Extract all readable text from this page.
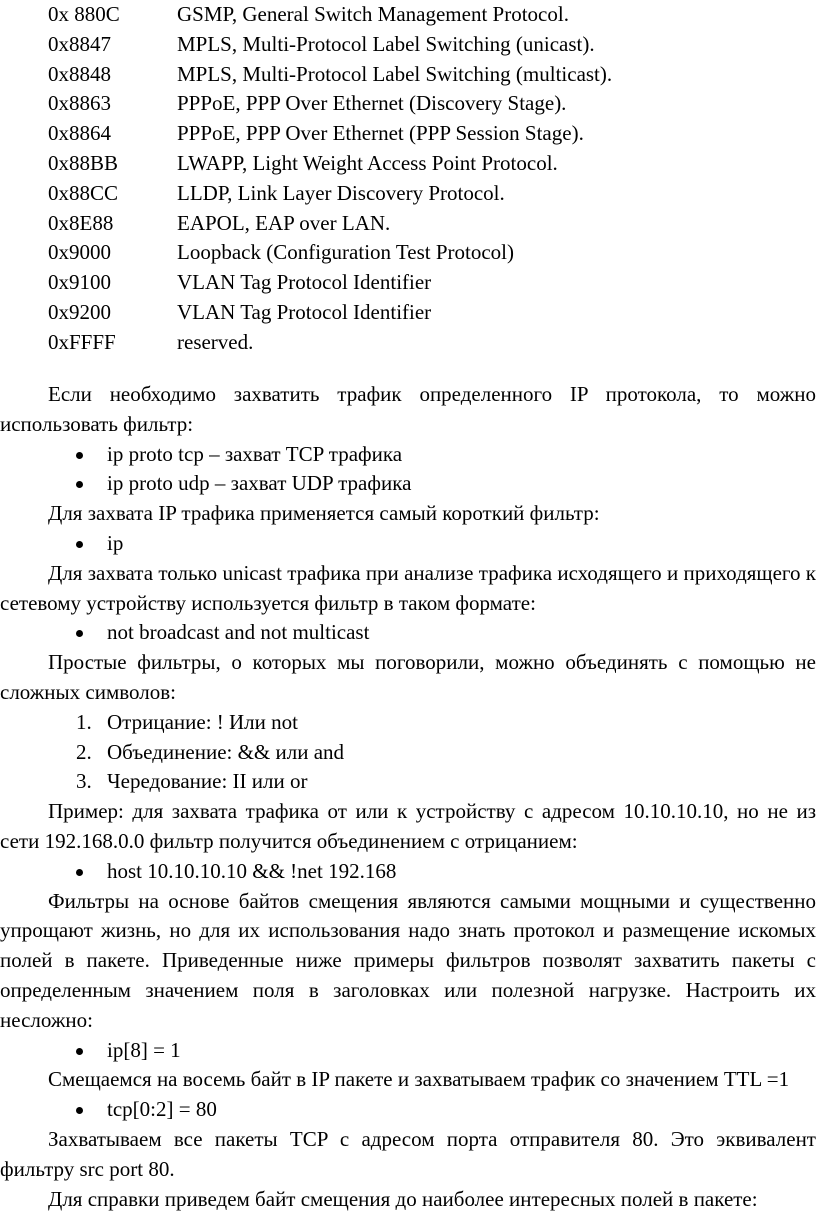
0x 880C	GSMP, General Switch Management Protocol.
0x8847	MPLS, Multi-Protocol Label Switching (unicast).
0x8848	MPLS, Multi-Protocol Label Switching (multicast).
0x8863	PPPoE, PPP Over Ethernet (Discovery Stage).
0x8864	PPPoE, PPP Over Ethernet (PPP Session Stage).
0x88BB	LWAPP, Light Weight Access Point Protocol.
0x88CC	LLDP, Link Layer Discovery Protocol.
0x8E88	EAPOL, EAP over LAN.
0x9000	Loopback (Configuration Test Protocol)
0x9100	VLAN Tag Protocol Identifier
0x9200	VLAN Tag Protocol Identifier
0xFFFF	reserved.

Если необходимо захватить трафик определенного IP протокола, то можно использовать фильтр:

ip proto tcp – захват TCP трафика
ip proto udp – захват UDP трафика

Для захвата IP трафика применяется самый короткий фильтр:

ip

Для захвата только unicast трафика при анализе трафика исходящего и приходящего к сетевому устройству используется фильтр в таком формате:

not broadcast and not multicast

Простые фильтры, о которых мы поговорили, можно объединять с помощью не сложных символов:

1. Отрицание: ! Или not
2. Объединение: && или and
3. Чередование: II или or

Пример: для захвата трафика от или к устройству с адресом 10.10.10.10, но не из сети 192.168.0.0 фильтр получится объединением с отрицанием:

host 10.10.10.10 && !net 192.168

Фильтры на основе байтов смещения являются самыми мощными и существенно упрощают жизнь, но для их использования надо знать протокол и размещение искомых полей в пакете. Приведенные ниже примеры фильтров позволят захватить пакеты с определенным значением поля в заголовках или полезной нагрузке. Настроить их несложно:

ip[8] = 1

Смещаемся на восемь байт в IP пакете и захватываем трафик со значением TTL =1

tcp[0:2] = 80

Захватываем все пакеты TCP с адресом порта отправителя 80. Это эквивалент фильтру src port 80.

Для справки приведем байт смещения до наиболее интересных полей в пакете:
